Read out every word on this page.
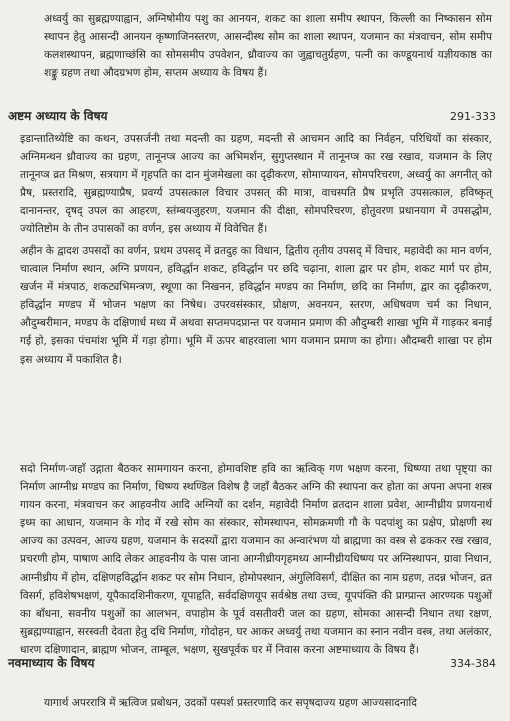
अध्वर्यु का सुब्रह्मण्याह्वान, अग्निषोमीय पशु का आनयन, शकट का शाला समीप स्थापन, किल्ली का निष्कासन सोम स्थापन हेतु आसन्दी आनयन कृष्णाजिनस्तरण, आसन्दीस्थ सोम का शाला स्थापन, यजमान का मंत्रवाचन, सोम समीप कलशस्थापन, ब्रह्मणाच्छंसि का सोमसमीप उपवेशन, ध्रौवाज्य का जुह्वाचतुर्ग्रहण, पत्नी का कण्डूयनार्थ यज्ञीयकाष्ठ का शङ्कु ग्रहण तथा औदग्रभण होम, सप्तम अध्याय के विषय हैं।

अष्टम अध्याय के विषय	291-333

इडान्तातिथ्येष्टि का कथन, उपसर्जनी तथा मदन्ती का ग्रहण, मदन्ती से आचमन आदि का निर्वहन, परिधियों का संस्कार, अग्निमन्थन ध्रौवाज्य का ग्रहण, तानूनप्त्र आज्य का अभिमर्शन, सुगुप्तस्थान में तानूनप्त्र का रख रखाव, यजमान के लिए तानूनप्त्र व्रत मिश्रण, सत्रयाग में गृहपति का दान मुंजमेखला का दृढ़ीकरण, सोमाप्यायन, सोमपरिचरण, अध्वर्यु का अगनीत् को प्रैष, प्रस्तरादि, सुब्रह्मण्याप्रैष, प्रवर्ग्य उपसत्काल विचार उपसत् की मात्रा, वाचस्पति प्रैष प्रभृति उपसत्काल, हविष्कृत् दानानन्तर, दृषद् उपल का आहरण, स्तंम्बयजुहरण, यजमान की दीक्षा, सोमपरिचरण, होतुवरण प्रधानयाग में उपसद्धोम, ज्योतिष्टोम के तीन उपासकों का वर्णन, इस अध्याय में विवेचित हैं।

अहीन के द्वादश उपसदों का वर्णन, प्रथम उपसद् में व्रतदुह का विधान, द्वितीय तृतीय उपसद् में विचार, महावेदी का मान वर्णन, चात्वाल निर्माण स्थान, अग्नि प्रणयन, हविर्द्धान शकट, हविर्द्धान पर छदि चढ़ाना, शाला द्वार पर होम, शकट मार्ग पर होम, खर्जन में मंत्रपाठ, शकट्यभिमन्त्रण, स्थूणा का निखनन, हविर्द्धान मण्डप का निर्माण, छदि का निर्माण, द्वार का दृढ़ीकरण, हविर्द्धान मण्डप में भोजन भक्षण का निषेध। उपरवसंस्कार, प्रोक्षण, अवनयन, स्तरण, अधिषवण चर्म का निधान, औदुम्बरीमान, मण्डप के दक्षिणार्ध मध्य में अथवा सप्तमपदप्रान्त पर यजमान प्रमाण की औदुम्बरी शाखा भूमि में गाड़कर बनाई गई हो, इसका पंचमांश भूमि में गड़ा होगा। भूमि में ऊपर बाहरवाला भाग यजमान प्रमाण का होगा। औदम्बरी शाखा पर होम इस अध्याय में पकाशित है।

सदो निर्माण-जहाँ उद्गाता बैठकर सामगायन करना, होमावशिष्ट हवि का ऋत्विक् गण भक्षण करना, धिष्ण्या तथा पृष्ट्या का निर्माण आग्नीध्र मण्डप का निर्माण, धिष्ण्य स्थण्डिल विशेष है जहाँ बैठकर अग्नि की स्थापना कर होता का अपना अपना शस्त्र गायन करना, मंत्रवाचन कर आहवनीय आदि अग्नियों का दर्शन, महावेदी निर्माण व्रतदान शाला प्रवेश, आग्नीध्रीय प्रणयनार्थ इध्म का आधान, यजमान के गोद में रखे सोम का संस्कार, सोमस्थापन, सोमक्रमणी गौ के पदपांशु का प्रक्षेप, प्रोक्षणी स्थ आज्य का उत्पवन, आज्य ग्रहण, यजमान के सदस्यों द्वारा यजमान का अन्वारंभण यो ब्राह्मणा का वस्त्र से ढककर रख रखाव, प्रचरणी होम, पाषाण आदि लेकर आहवनीय के पास जाना आग्नीध्रीयगृहमध्य आग्नीध्रीयधिष्ण्य पर अग्निस्थापन, ग्रावा निधान, आग्नीध्रीय में होम, दक्षिणहविर्द्धान शकट पर सोम निधान, होमोपस्थान, अंगुलिविसर्ग, दीक्षित का नाम ग्रहण, तदन्न भोजन, व्रत विसर्ग, हविशेषभक्षणं, यूपैकादशिनीकरण, यूपाहृति, सर्वदक्षिणयूप सर्वश्रेष्ठ तथा उच्च, यूपपंक्ति की प्राग्प्रान्त आरण्यक पशुओं का बाँधना, सवनीय पशुओं का आलभन, वपाहोम के पूर्व वसतीवरी जल का ग्रहण, सोमका आसन्दी निधान तथा रक्षण, सुब्रह्मण्याह्वान, सरस्वती देवता हेतु दधि निर्माण, गोदोहन, घर आकर अध्वर्यु तथा यजमान का स्नान नवीन वस्त्र, तथा अलंकार, धारण दक्षिणादान, ब्राह्मण भोजन, ताम्बूल, भक्षण, सुखपूर्वक घर में निवास करना अष्टमाध्याय के विषय हैं।

नवमाध्याय के विषय	334-384

यागार्थ अपररात्रि में ऋत्विज प्रबोधन, उदकों पस्पर्श प्रस्तरणादि कर सपृषदाज्य ग्रहण आज्यसादनादि
